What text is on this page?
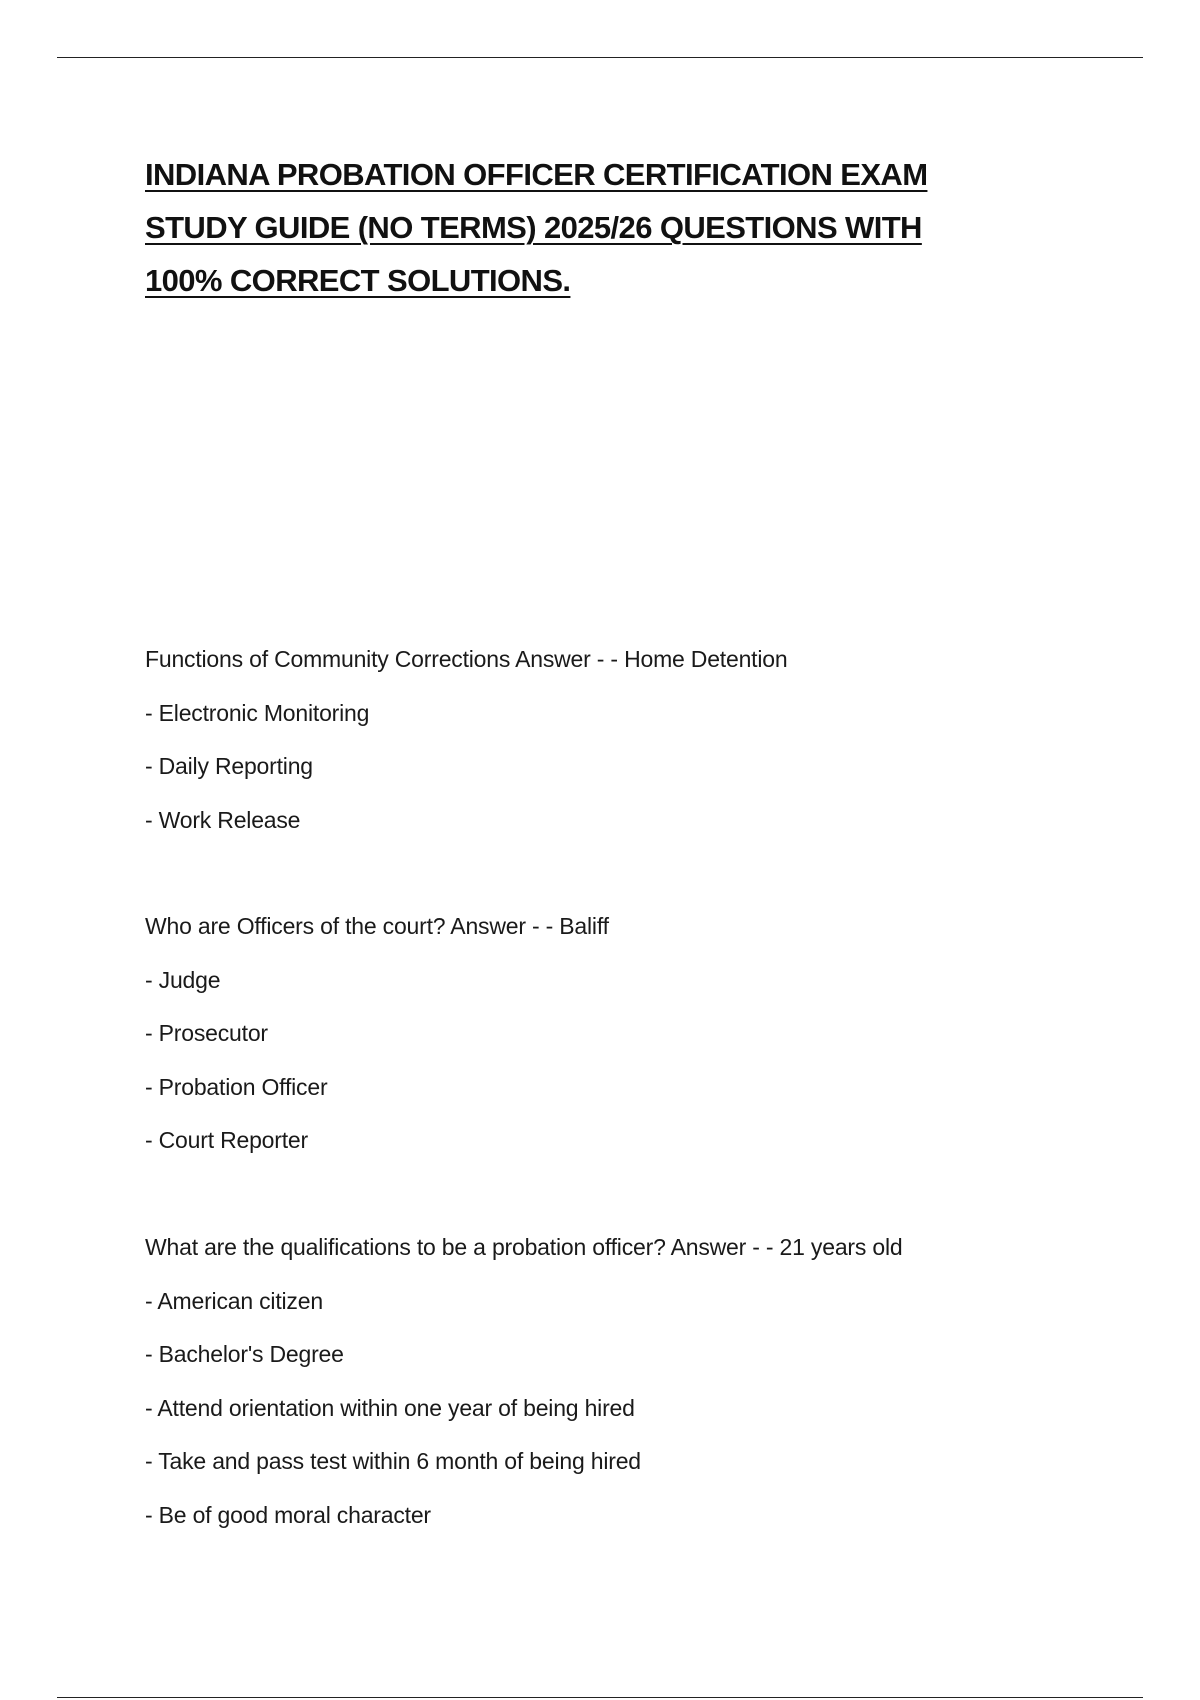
INDIANA PROBATION OFFICER CERTIFICATION EXAM
STUDY GUIDE (NO TERMS) 2025/26 QUESTIONS WITH
100% CORRECT SOLUTIONS.

Functions of Community Corrections Answer - - Home Detention

- Electronic Monitoring

- Daily Reporting

- Work Release

Who are Officers of the court? Answer - - Baliff

- Judge

- Prosecutor

- Probation Officer

- Court Reporter

What are the qualifications to be a probation officer? Answer - - 21 years old

- American citizen

- Bachelor's Degree

- Attend orientation within one year of being hired

- Take and pass test within 6 month of being hired

- Be of good moral character
